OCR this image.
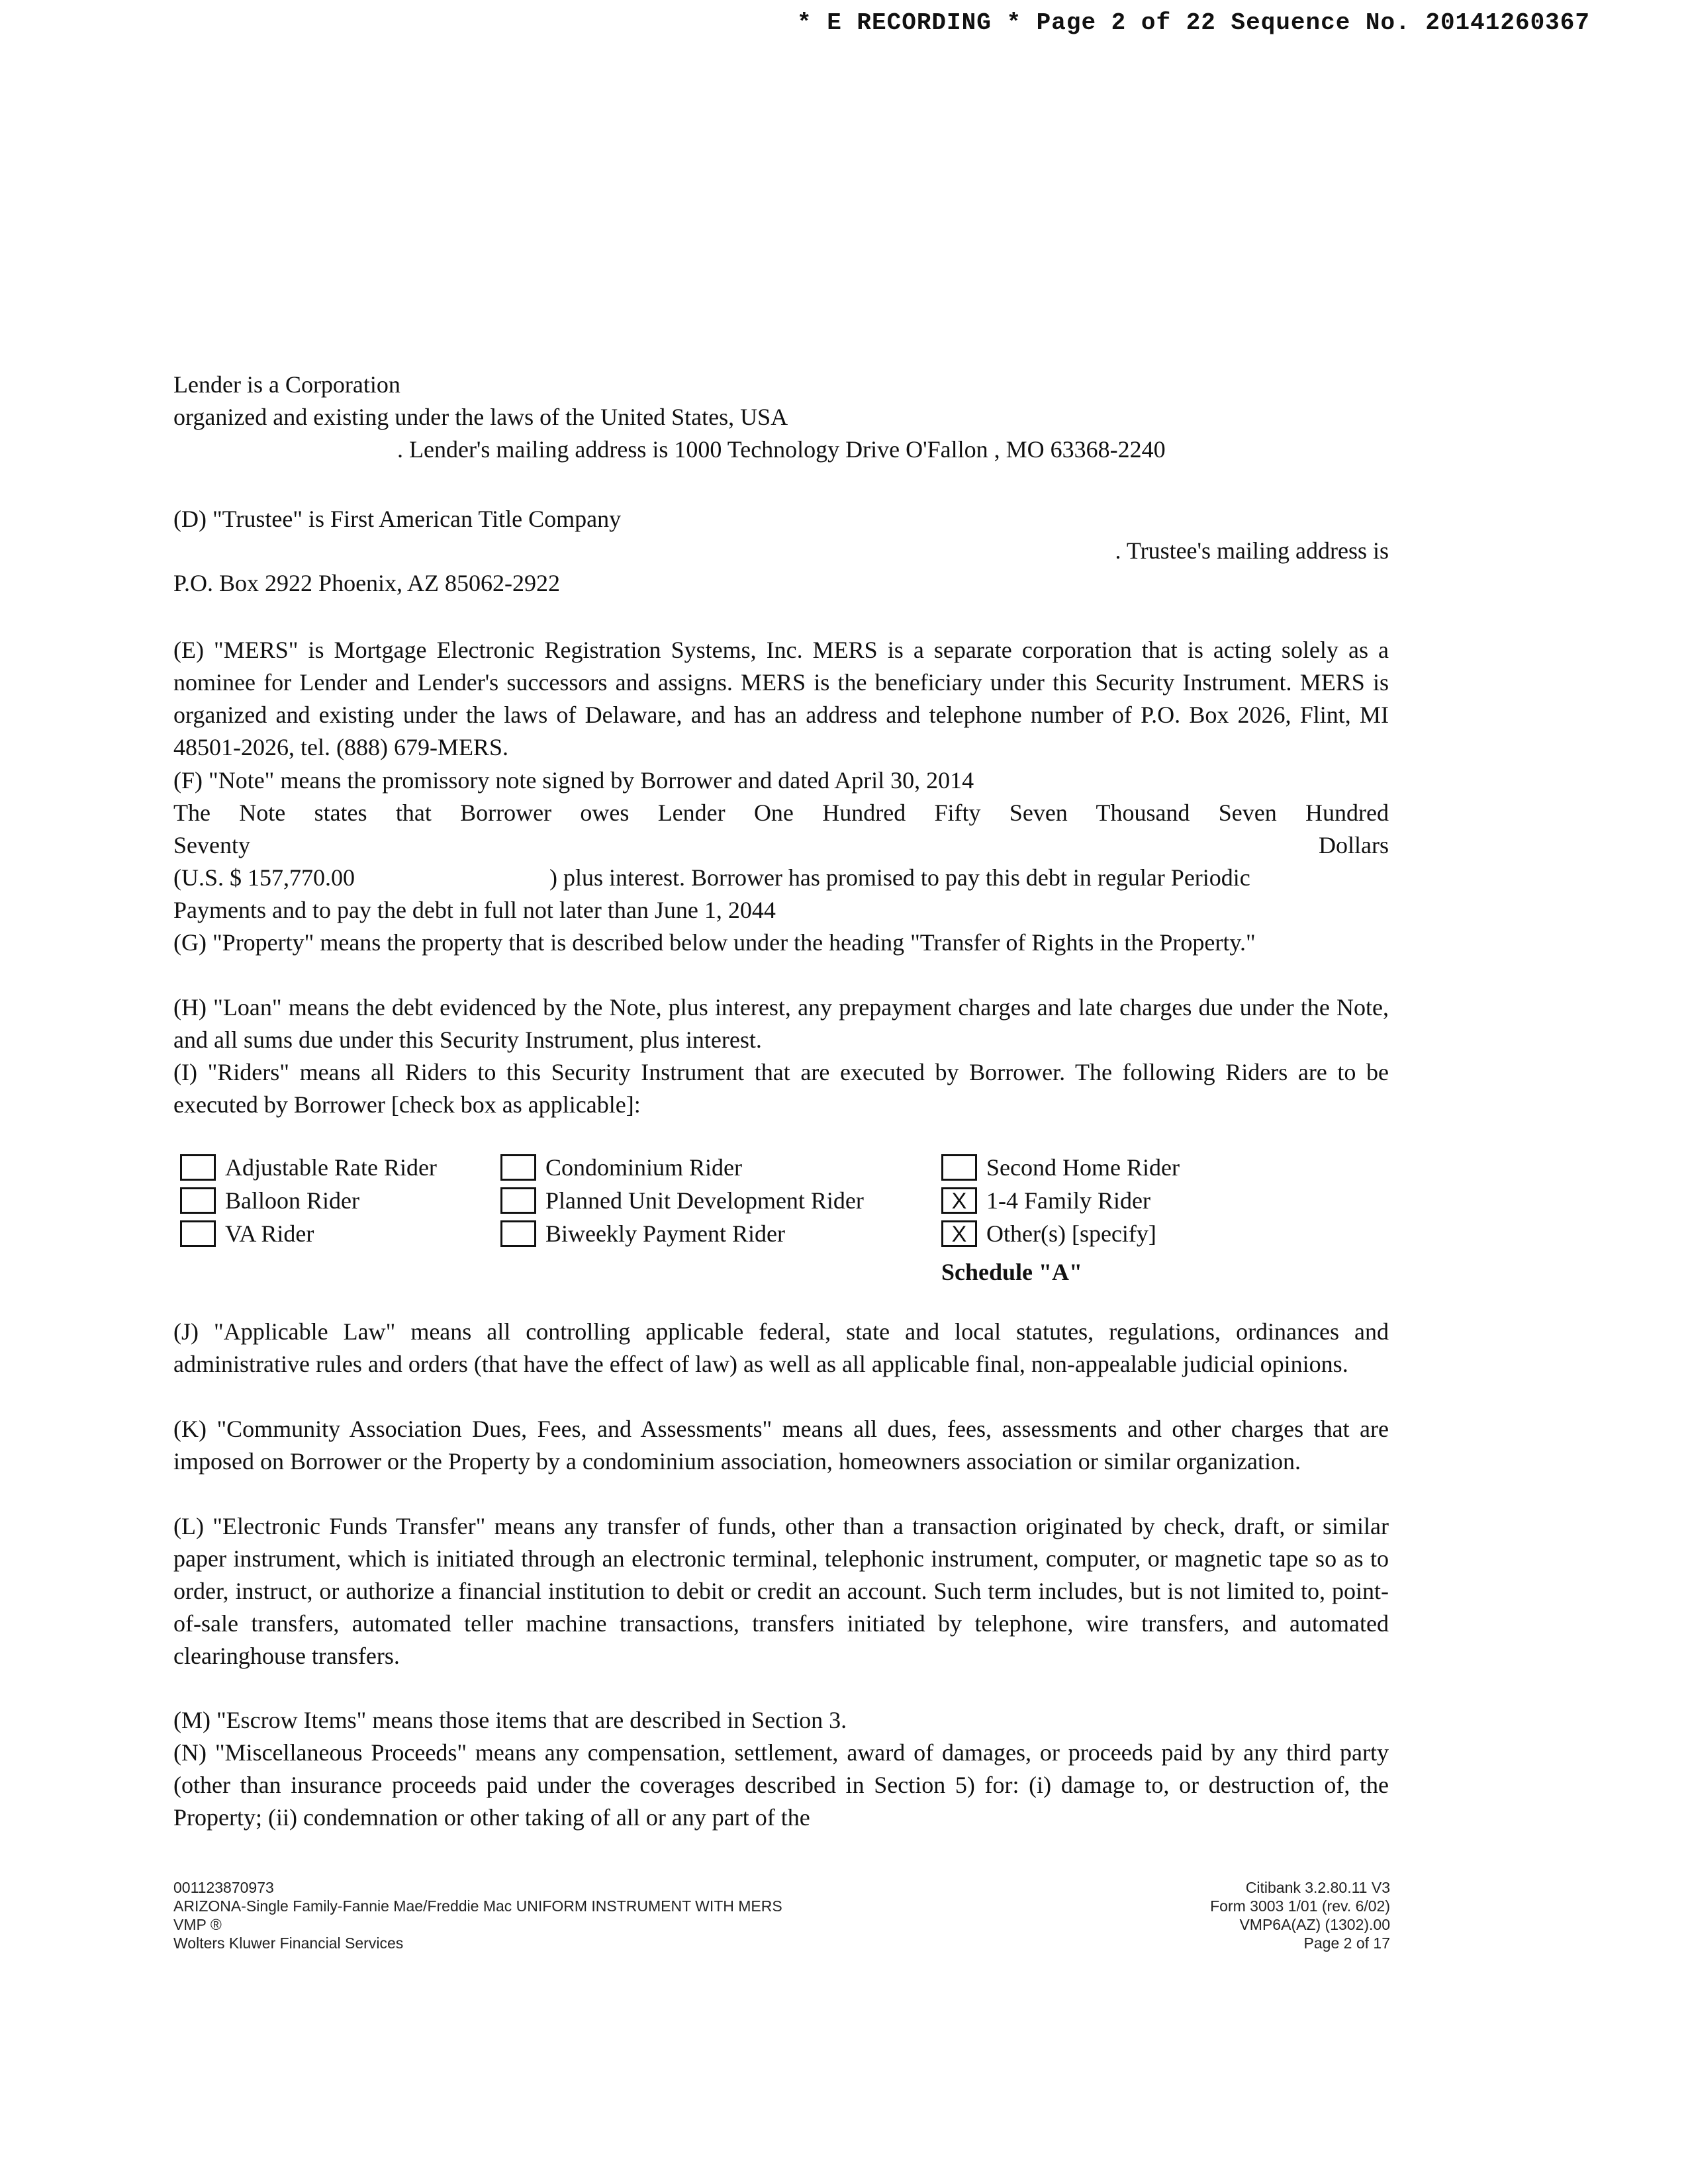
* E RECORDING * Page 2 of 22 Sequence No. 20141260367
Lender is a Corporation
organized and existing under the laws of the United States, USA
. Lender's mailing address is 1000 Technology Drive O'Fallon , MO 63368-2240
(D) "Trustee" is First American Title Company
. Trustee's mailing address is
P.O. Box 2922 Phoenix, AZ 85062-2922
(E) "MERS" is Mortgage Electronic Registration Systems, Inc. MERS is a separate corporation that is acting solely as a nominee for Lender and Lender's successors and assigns. MERS is the beneficiary under this Security Instrument. MERS is organized and existing under the laws of Delaware, and has an address and telephone number of P.O. Box 2026, Flint, MI 48501-2026, tel. (888) 679-MERS.
(F) "Note" means the promissory note signed by Borrower and dated April 30, 2014
The Note states that Borrower owes Lender One Hundred Fifty Seven Thousand Seven Hundred
Seventy	Dollars
(U.S. $ 157,770.00	) plus interest. Borrower has promised to pay this debt in regular Periodic
Payments and to pay the debt in full not later than June 1, 2044
(G) "Property" means the property that is described below under the heading "Transfer of Rights in the Property."
(H) "Loan" means the debt evidenced by the Note, plus interest, any prepayment charges and late charges due under the Note, and all sums due under this Security Instrument, plus interest.
(I) "Riders" means all Riders to this Security Instrument that are executed by Borrower. The following Riders are to be executed by Borrower [check box as applicable]:
Adjustable Rate Rider
Balloon Rider
VA Rider
Condominium Rider
Planned Unit Development Rider
Biweekly Payment Rider
Second Home Rider
X 1-4 Family Rider
X Other(s) [specify]
Schedule "A"
(J) "Applicable Law" means all controlling applicable federal, state and local statutes, regulations, ordinances and administrative rules and orders (that have the effect of law) as well as all applicable final, non-appealable judicial opinions.
(K) "Community Association Dues, Fees, and Assessments" means all dues, fees, assessments and other charges that are imposed on Borrower or the Property by a condominium association, homeowners association or similar organization.
(L) "Electronic Funds Transfer" means any transfer of funds, other than a transaction originated by check, draft, or similar paper instrument, which is initiated through an electronic terminal, telephonic instrument, computer, or magnetic tape so as to order, instruct, or authorize a financial institution to debit or credit an account. Such term includes, but is not limited to, point-of-sale transfers, automated teller machine transactions, transfers initiated by telephone, wire transfers, and automated clearinghouse transfers.
(M) "Escrow Items" means those items that are described in Section 3.
(N) "Miscellaneous Proceeds" means any compensation, settlement, award of damages, or proceeds paid by any third party (other than insurance proceeds paid under the coverages described in Section 5) for: (i) damage to, or destruction of, the Property; (ii) condemnation or other taking of all or any part of the
001123870973
ARIZONA-Single Family-Fannie Mae/Freddie Mac UNIFORM INSTRUMENT WITH MERS
VMP ®
Wolters Kluwer Financial Services
Citibank 3.2.80.11 V3
Form 3003 1/01 (rev. 6/02)
VMP6A(AZ) (1302).00
Page 2 of 17
